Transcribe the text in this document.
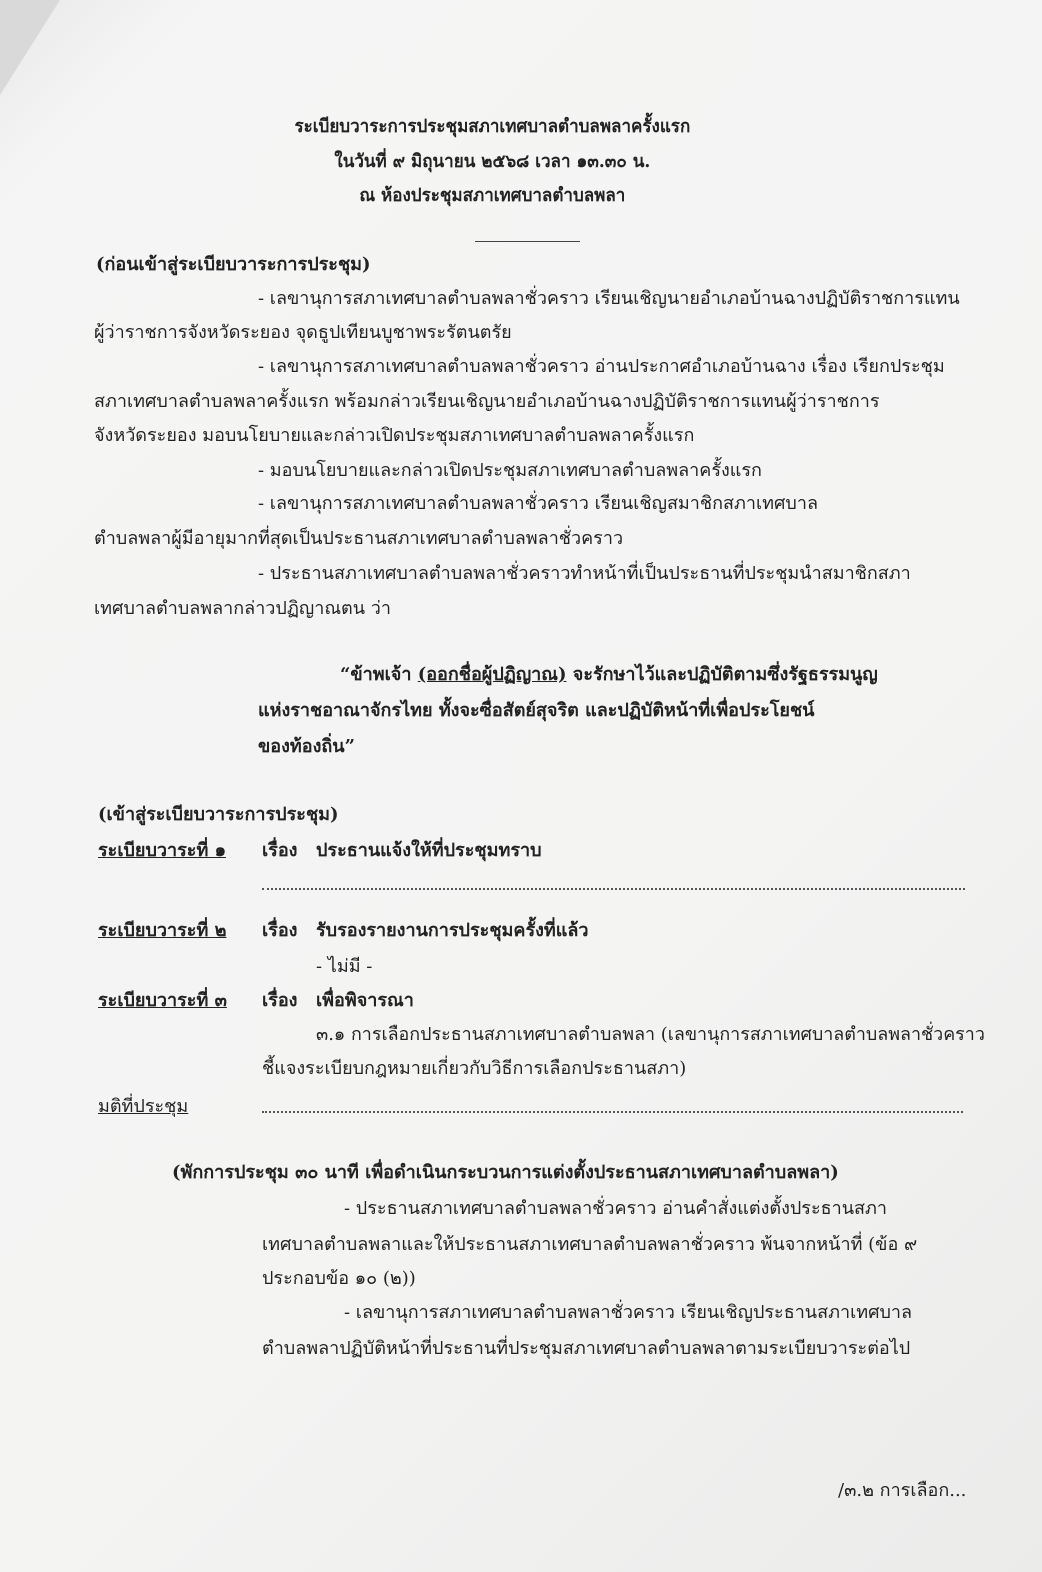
ระเบียบวาระการประชุมสภาเทศบาลตำบลพลาครั้งแรก
ในวันที่ ๙ มิถุนายน ๒๕๖๘ เวลา ๑๓.๓๐ น.
ณ ห้องประชุมสภาเทศบาลตำบลพลา
(ก่อนเข้าสู่ระเบียบวาระการประชุม)
- เลขานุการสภาเทศบาลตำบลพลาชั่วคราว เรียนเชิญนายอำเภอบ้านฉางปฏิบัติราชการแทน
ผู้ว่าราชการจังหวัดระยอง จุดธูปเทียนบูชาพระรัตนตรัย
- เลขานุการสภาเทศบาลตำบลพลาชั่วคราว อ่านประกาศอำเภอบ้านฉาง เรื่อง เรียกประชุม
สภาเทศบาลตำบลพลาครั้งแรก พร้อมกล่าวเรียนเชิญนายอำเภอบ้านฉางปฏิบัติราชการแทนผู้ว่าราชการ
จังหวัดระยอง มอบนโยบายและกล่าวเปิดประชุมสภาเทศบาลตำบลพลาครั้งแรก
- มอบนโยบายและกล่าวเปิดประชุมสภาเทศบาลตำบลพลาครั้งแรก
- เลขานุการสภาเทศบาลตำบลพลาชั่วคราว เรียนเชิญสมาชิกสภาเทศบาล
ตำบลพลาผู้มีอายุมากที่สุดเป็นประธานสภาเทศบาลตำบลพลาชั่วคราว
- ประธานสภาเทศบาลตำบลพลาชั่วคราวทำหน้าที่เป็นประธานที่ประชุมนำสมาชิกสภา
เทศบาลตำบลพลากล่าวปฏิญาณตน ว่า
“ข้าพเจ้า (ออกชื่อผู้ปฏิญาณ) จะรักษาไว้และปฏิบัติตามซึ่งรัฐธรรมนูญ
แห่งราชอาณาจักรไทย ทั้งจะซื่อสัตย์สุจริต และปฏิบัติหน้าที่เพื่อประโยชน์
ของท้องถิ่น”
(เข้าสู่ระเบียบวาระการประชุม)
ระเบียบวาระที่ ๑ เรื่อง ประธานแจ้งให้ที่ประชุมทราบ
ระเบียบวาระที่ ๒ เรื่อง รับรองรายงานการประชุมครั้งที่แล้ว
- ไม่มี -
ระเบียบวาระที่ ๓ เรื่อง เพื่อพิจารณา
๓.๑ การเลือกประธานสภาเทศบาลตำบลพลา (เลขานุการสภาเทศบาลตำบลพลาชั่วคราว
ชี้แจงระเบียบกฎหมายเกี่ยวกับวิธีการเลือกประธานสภา)
มติที่ประชุม
(พักการประชุม ๓๐ นาที เพื่อดำเนินกระบวนการแต่งตั้งประธานสภาเทศบาลตำบลพลา)
- ประธานสภาเทศบาลตำบลพลาชั่วคราว อ่านคำสั่งแต่งตั้งประธานสภา
เทศบาลตำบลพลาและให้ประธานสภาเทศบาลตำบลพลาชั่วคราว พ้นจากหน้าที่ (ข้อ ๙
ประกอบข้อ ๑๐ (๒))
- เลขานุการสภาเทศบาลตำบลพลาชั่วคราว เรียนเชิญประธานสภาเทศบาล
ตำบลพลาปฏิบัติหน้าที่ประธานที่ประชุมสภาเทศบาลตำบลพลาตามระเบียบวาระต่อไป
/๓.๒ การเลือก...
